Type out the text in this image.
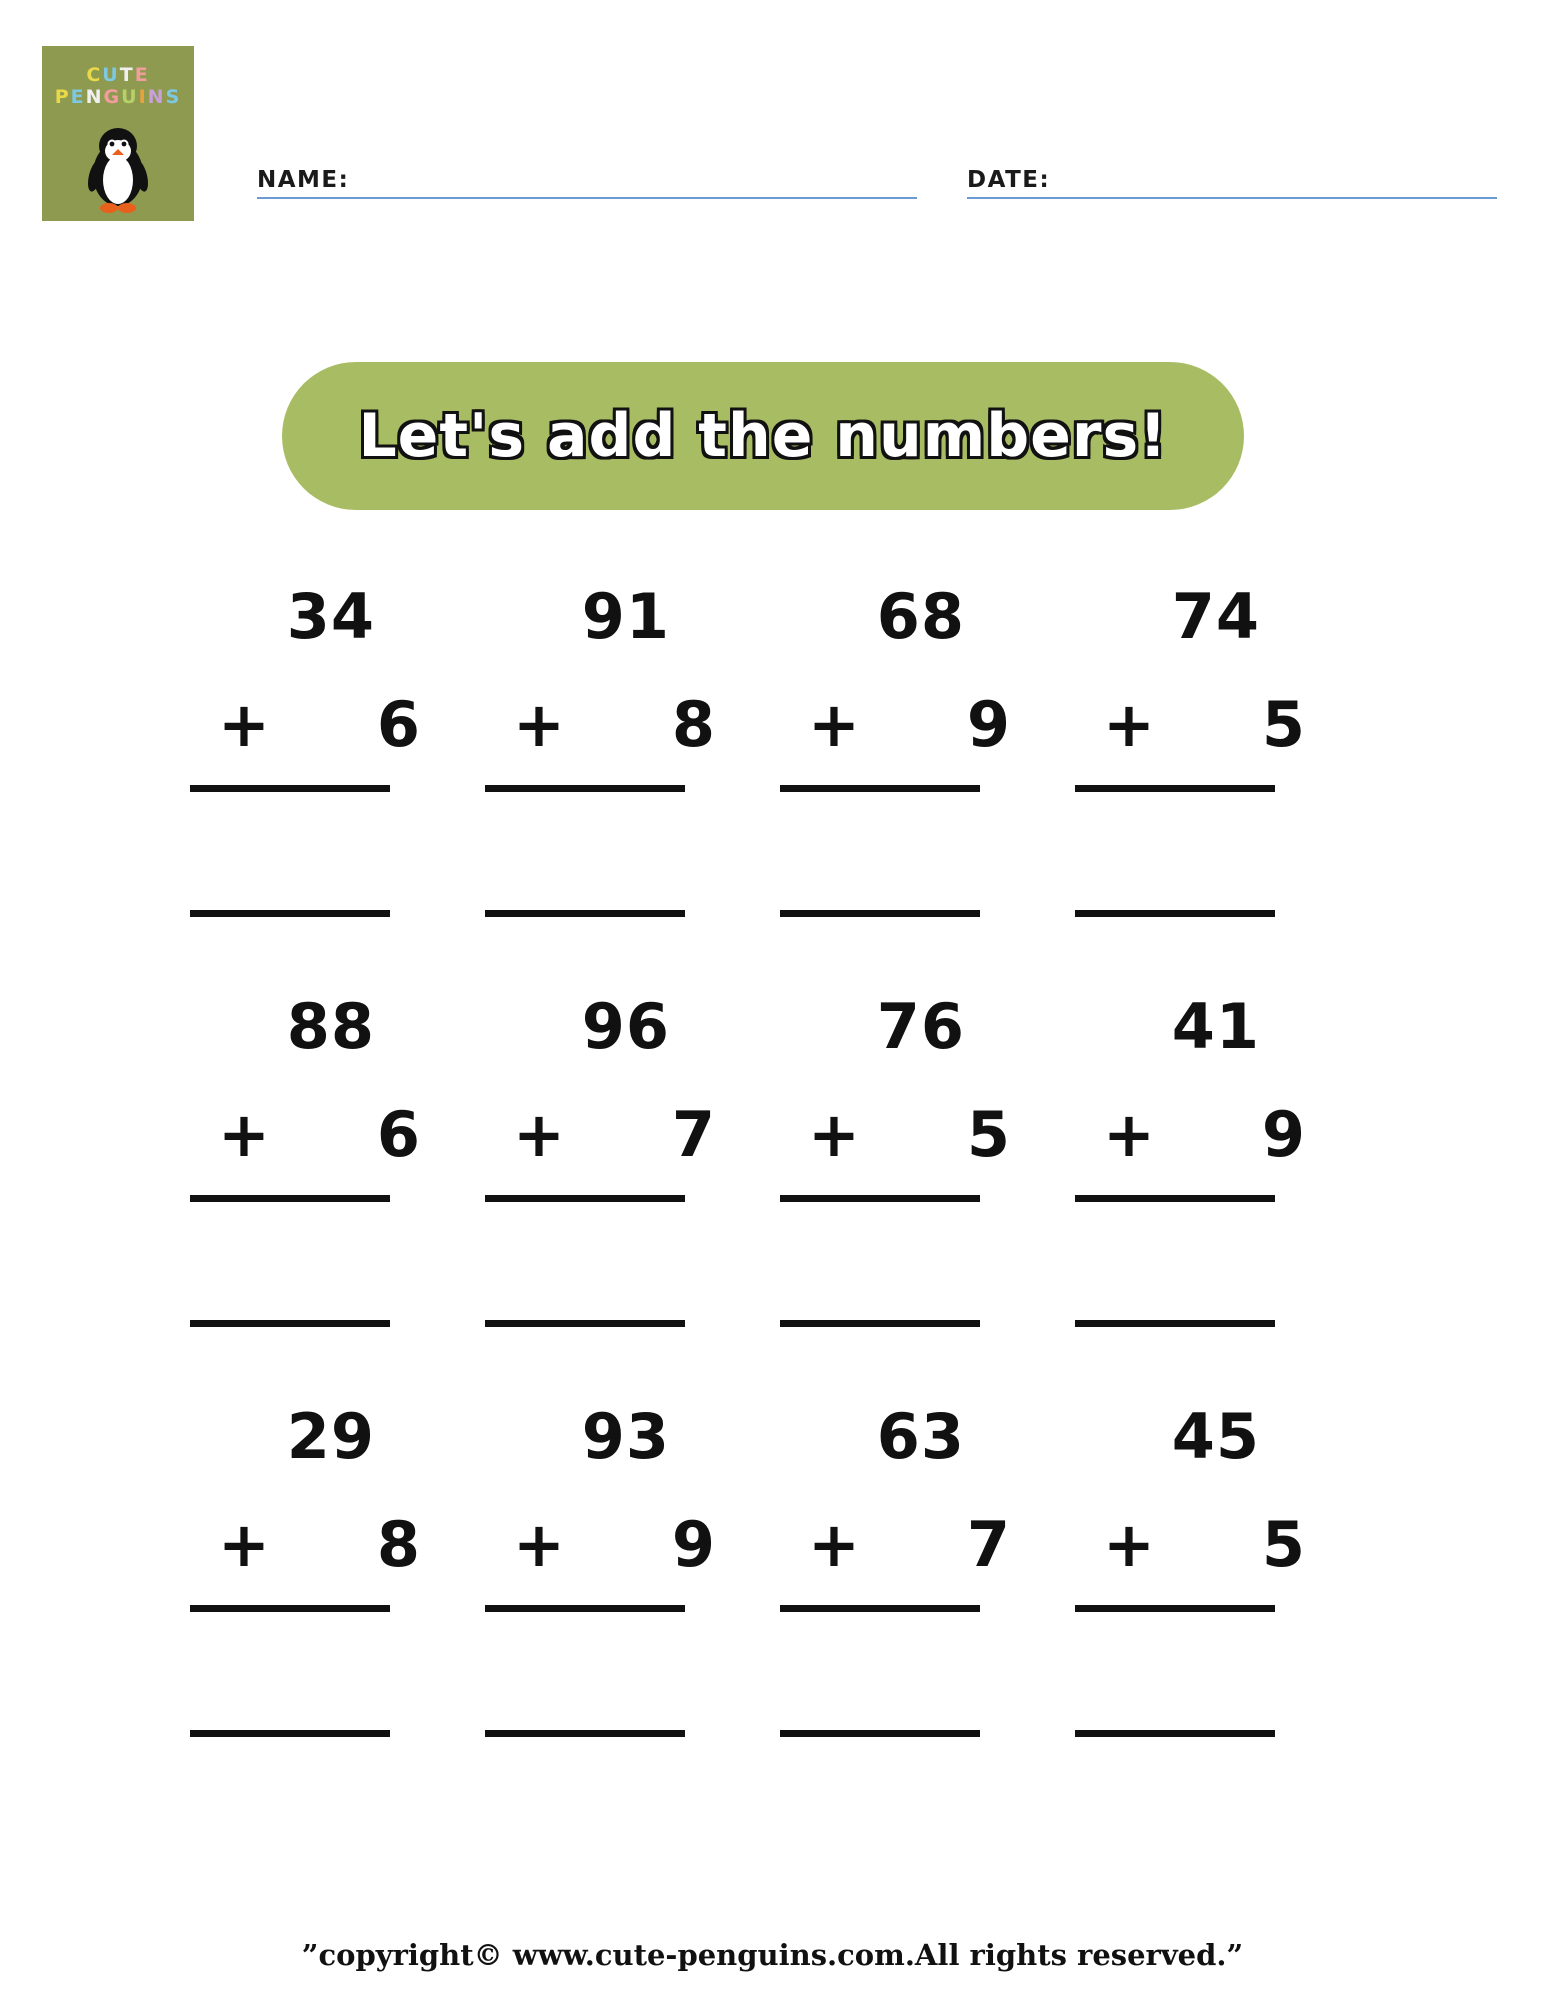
CUTE
PENGUINS
NAME:	DATE:
Let's add the numbers!
34
+ 6
91
+ 8
68
+ 9
74
+ 5
88
+ 6
96
+ 7
76
+ 5
41
+ 9
29
+ 8
93
+ 9
63
+ 7
45
+ 5
”copyright© www.cute-penguins.com.All rights reserved.”
